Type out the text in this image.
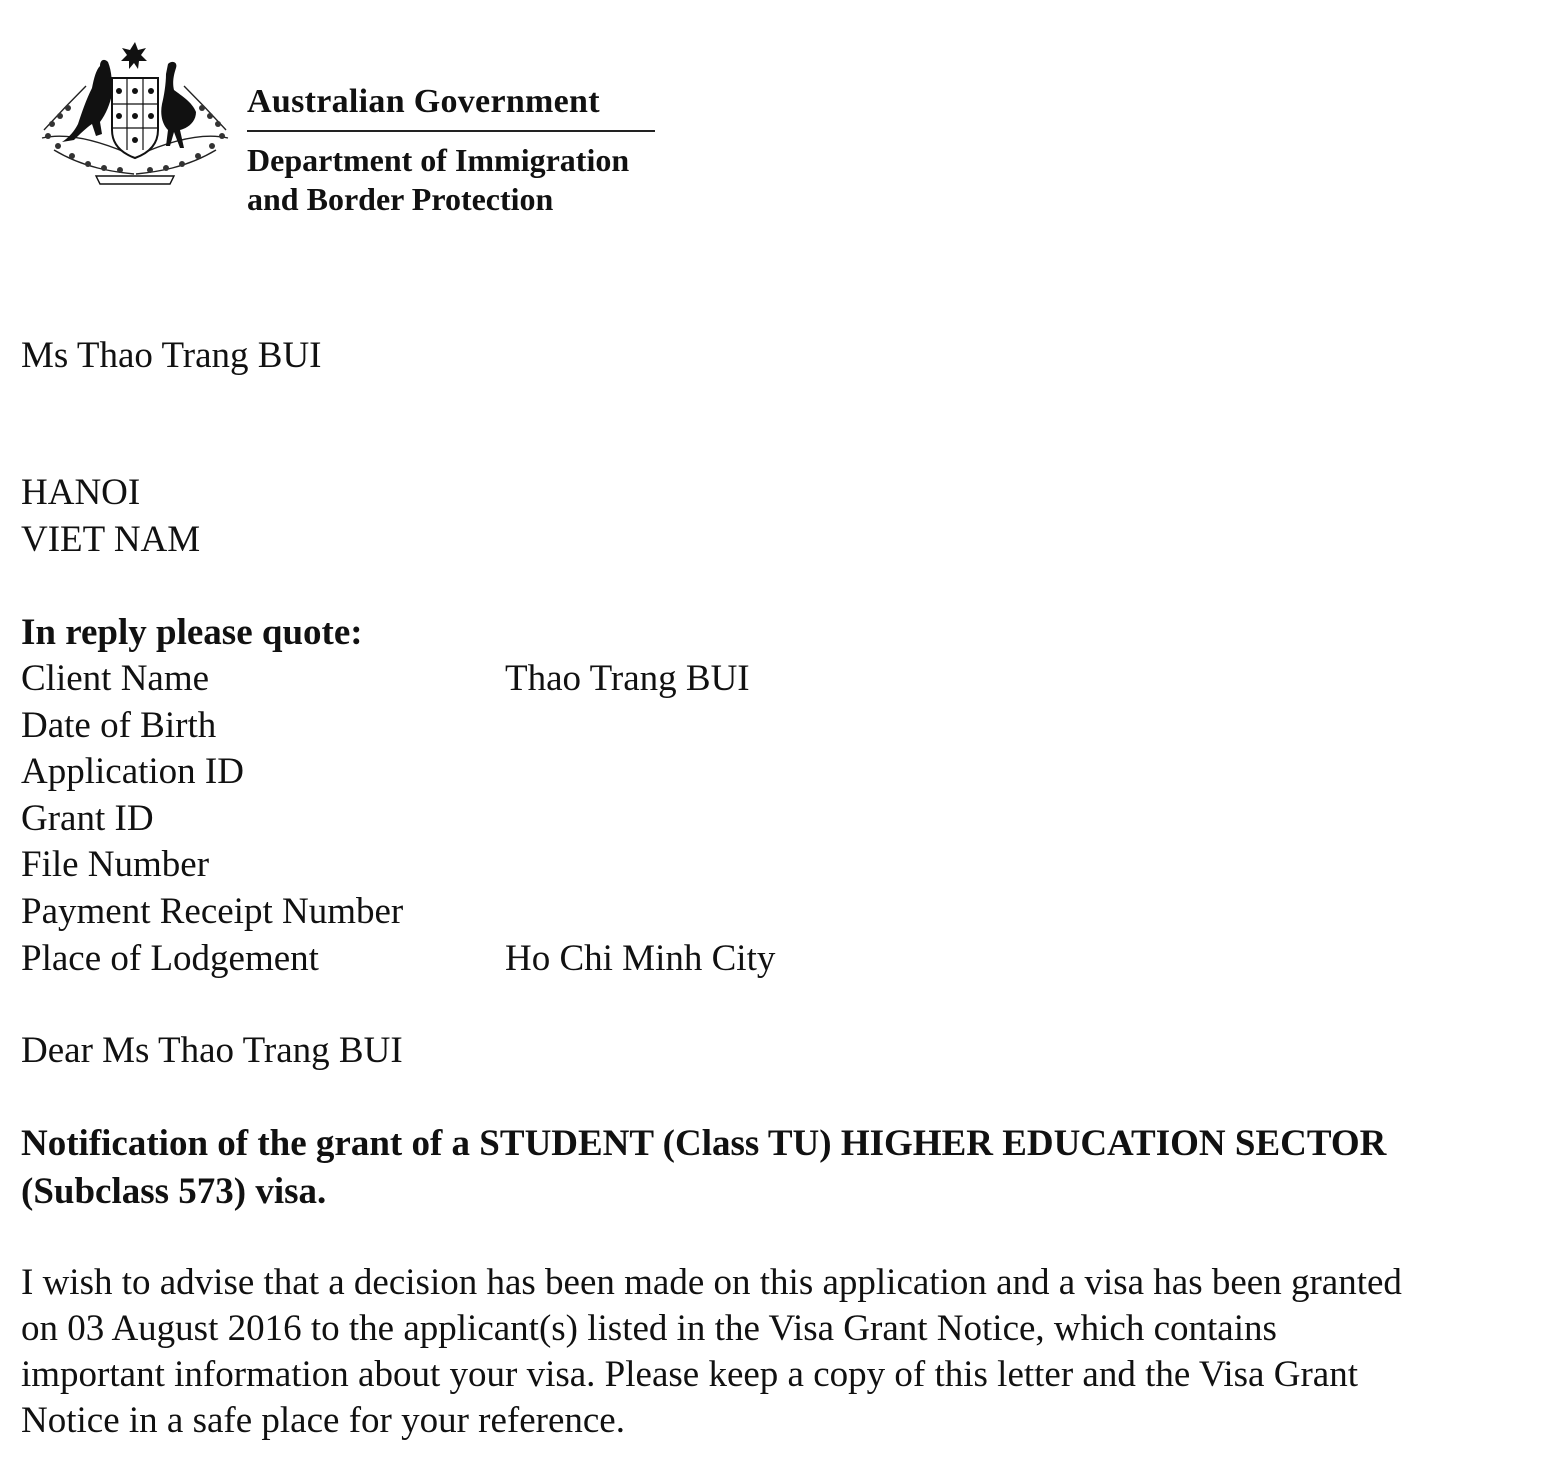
Australian Government
Department of Immigration
and Border Protection
Ms Thao Trang BUI
HANOI
VIET NAM
In reply please quote:
Client Name	Thao Trang BUI
Date of Birth
Application ID
Grant ID
File Number
Payment Receipt Number
Place of Lodgement	Ho Chi Minh City
Dear Ms Thao Trang BUI
Notification of the grant of a STUDENT (Class TU) HIGHER EDUCATION SECTOR
(Subclass 573) visa.
I wish to advise that a decision has been made on this application and a visa has been granted
on 03 August 2016 to the applicant(s) listed in the Visa Grant Notice, which contains
important information about your visa. Please keep a copy of this letter and the Visa Grant
Notice in a safe place for your reference.
